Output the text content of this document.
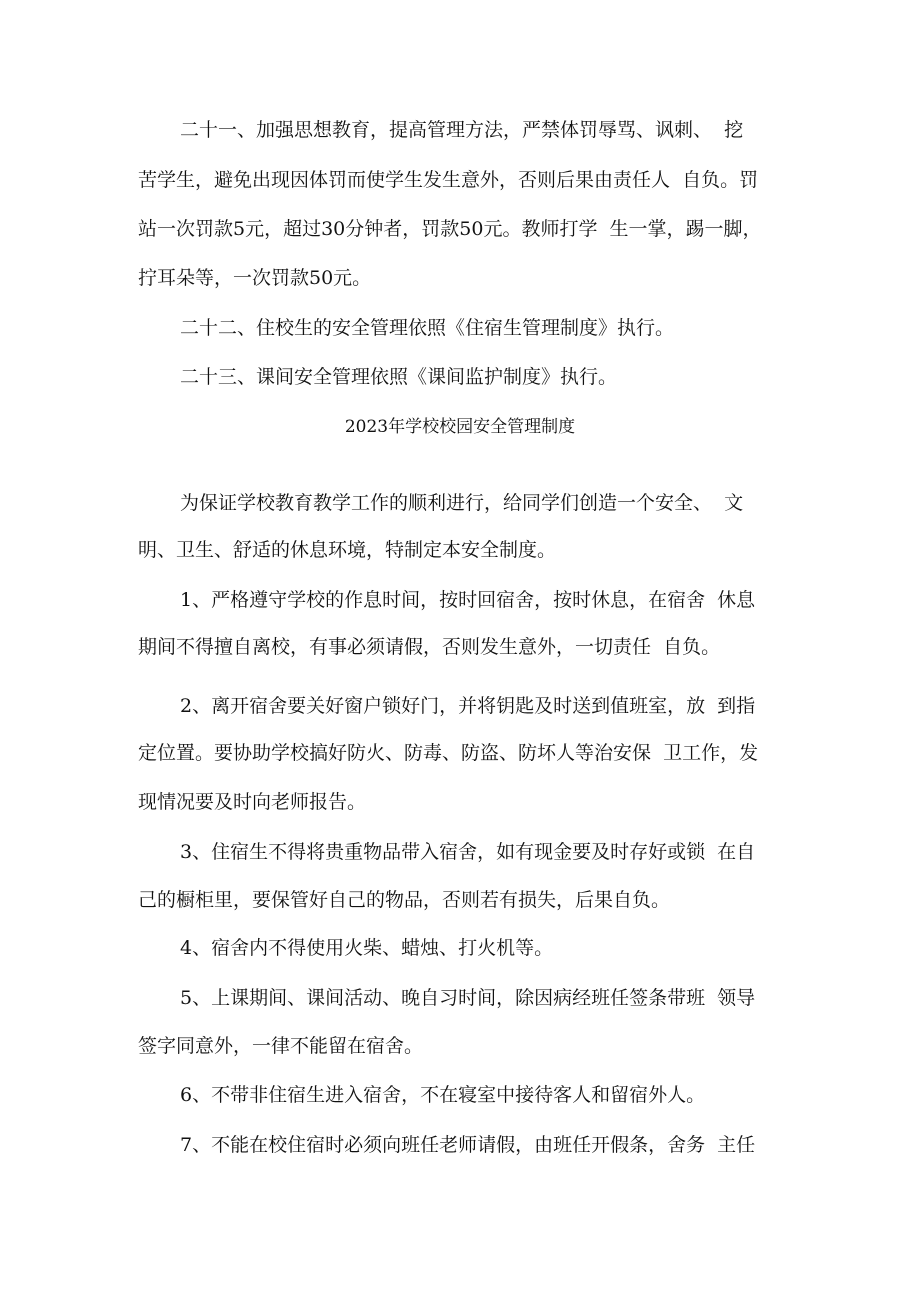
二十一、加强思想教育，提高管理方法，严禁体罚辱骂、讽刺、  挖

苦学生，避免出现因体罚而使学生发生意外，否则后果由责任人  自负。罚

站一次罚款5元，超过30分钟者，罚款50元。教师打学  生一掌，踢一脚，

拧耳朵等，一次罚款50元。

二十二、住校生的安全管理依照《住宿生管理制度》执行。

二十三、课间安全管理依照《课间监护制度》执行。

2023年学校校园安全管理制度

为保证学校教育教学工作的顺利进行，给同学们创造一个安全、  文

明、卫生、舒适的休息环境，特制定本安全制度。

1、严格遵守学校的作息时间，按时回宿舍，按时休息，在宿舍  休息

期间不得擅自离校，有事必须请假，否则发生意外，一切责任  自负。

2、离开宿舍要关好窗户锁好门，并将钥匙及时送到值班室，放  到指

定位置。要协助学校搞好防火、防毒、防盗、防坏人等治安保  卫工作，发

现情况要及时向老师报告。

3、住宿生不得将贵重物品带入宿舍，如有现金要及时存好或锁  在自

己的橱柜里，要保管好自己的物品，否则若有损失，后果自负。

4、宿舍内不得使用火柴、蜡烛、打火机等。

5、上课期间、课间活动、晚自习时间，除因病经班任签条带班  领导

签字同意外，一律不能留在宿舍。

6、不带非住宿生进入宿舍，不在寝室中接待客人和留宿外人。

7、不能在校住宿时必须向班任老师请假，由班任开假条，舍务  主任
